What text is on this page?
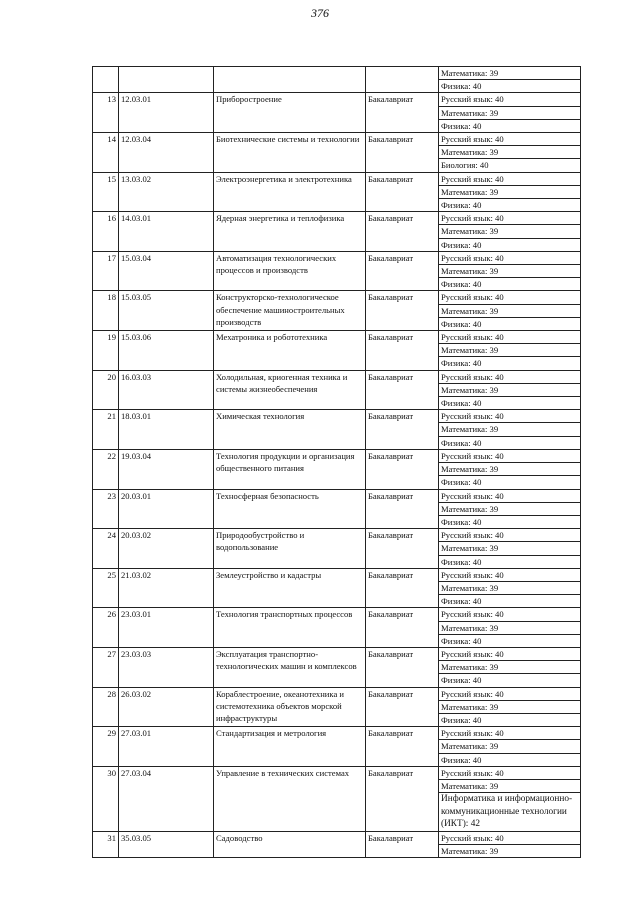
376
				Математика: 39
				Физика: 40
13	12.03.01	Приборостроение	Бакалавриат	Русский язык: 40
				Математика: 39
				Физика: 40
14	12.03.04	Биотехнические системы и технологии	Бакалавриат	Русский язык: 40
				Математика: 39
				Биология: 40
15	13.03.02	Электроэнергетика и электротехника	Бакалавриат	Русский язык: 40
				Математика: 39
				Физика: 40
16	14.03.01	Ядерная энергетика и теплофизика	Бакалавриат	Русский язык: 40
				Математика: 39
				Физика: 40
17	15.03.04	Автоматизация технологических процессов и производств	Бакалавриат	Русский язык: 40
				Математика: 39
				Физика: 40
18	15.03.05	Конструкторско-технологическое обеспечение машиностроительных производств	Бакалавриат	Русский язык: 40
				Математика: 39
				Физика: 40
19	15.03.06	Мехатроника и робототехника	Бакалавриат	Русский язык: 40
				Математика: 39
				Физика: 40
20	16.03.03	Холодильная, криогенная техника и системы жизнеобеспечения	Бакалавриат	Русский язык: 40
				Математика: 39
				Физика: 40
21	18.03.01	Химическая технология	Бакалавриат	Русский язык: 40
				Математика: 39
				Физика: 40
22	19.03.04	Технология продукции и организация общественного питания	Бакалавриат	Русский язык: 40
				Математика: 39
				Физика: 40
23	20.03.01	Техносферная безопасность	Бакалавриат	Русский язык: 40
				Математика: 39
				Физика: 40
24	20.03.02	Природообустройство и водопользование	Бакалавриат	Русский язык: 40
				Математика: 39
				Физика: 40
25	21.03.02	Землеустройство и кадастры	Бакалавриат	Русский язык: 40
				Математика: 39
				Физика: 40
26	23.03.01	Технология транспортных процессов	Бакалавриат	Русский язык: 40
				Математика: 39
				Физика: 40
27	23.03.03	Эксплуатация транспортно-технологических машин и комплексов	Бакалавриат	Русский язык: 40
				Математика: 39
				Физика: 40
28	26.03.02	Кораблестроение, океанотехника и системотехника объектов морской инфраструктуры	Бакалавриат	Русский язык: 40
				Математика: 39
				Физика: 40
29	27.03.01	Стандартизация и метрология	Бакалавриат	Русский язык: 40
				Математика: 39
				Физика: 40
30	27.03.04	Управление в технических системах	Бакалавриат	Русский язык: 40
				Математика: 39
				Информатика и информационно-коммуникационные технологии (ИКТ): 42
31	35.03.05	Садоводство	Бакалавриат	Русский язык: 40
				Математика: 39
